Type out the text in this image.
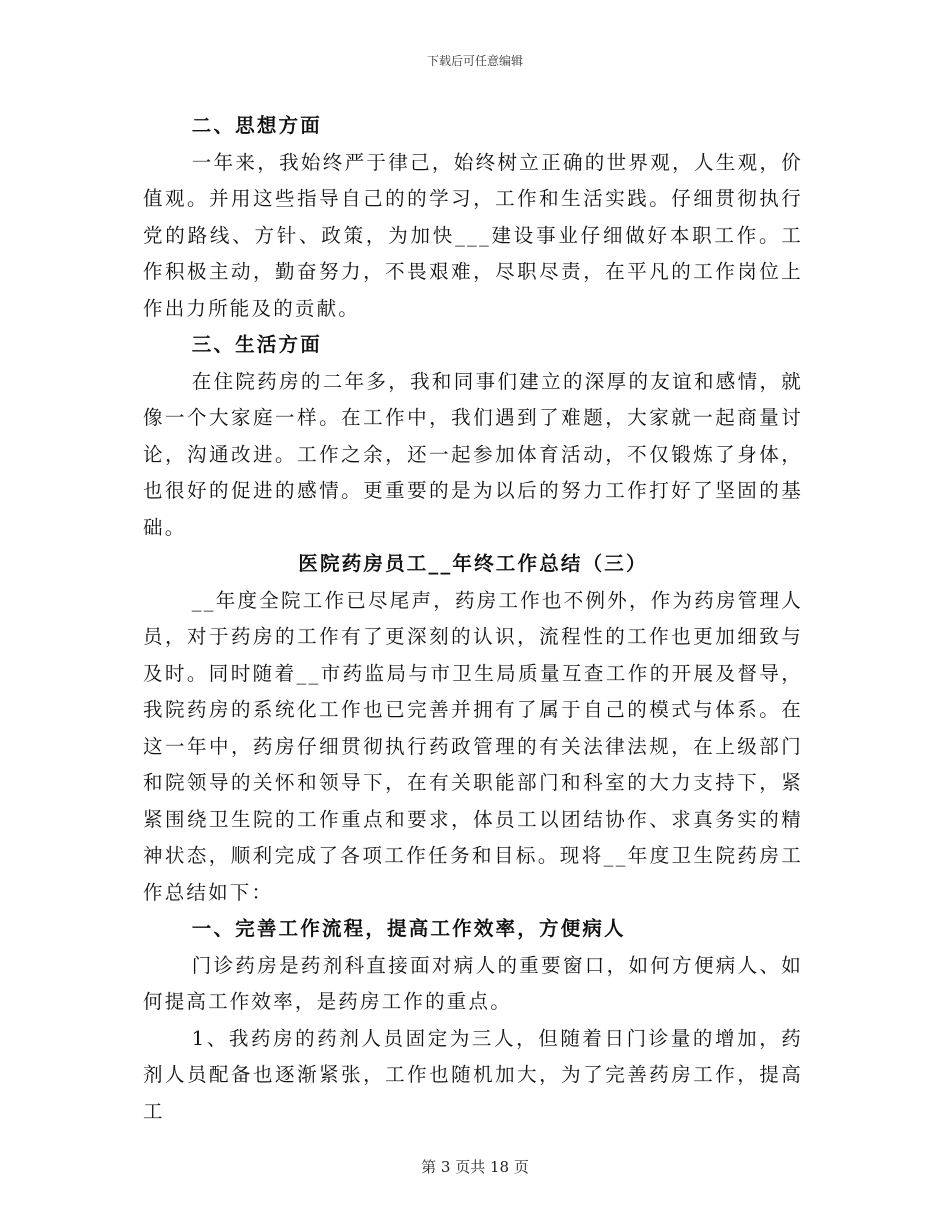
下载后可任意编辑

二、思想方面

一年来，我始终严于律己，始终树立正确的世界观，人生观，价值观。并用这些指导自己的的学习，工作和生活实践。仔细贯彻执行党的路线、方针、政策，为加快___建设事业仔细做好本职工作。工作积极主动，勤奋努力，不畏艰难，尽职尽责，在平凡的工作岗位上作出力所能及的贡献。

三、生活方面

在住院药房的二年多，我和同事们建立的深厚的友谊和感情，就像一个大家庭一样。在工作中，我们遇到了难题，大家就一起商量讨论，沟通改进。工作之余，还一起参加体育活动，不仅锻炼了身体，也很好的促进的感情。更重要的是为以后的努力工作打好了坚固的基础。

医院药房员工__年终工作总结（三）

__年度全院工作已尽尾声，药房工作也不例外，作为药房管理人员，对于药房的工作有了更深刻的认识，流程性的工作也更加细致与及时。同时随着__市药监局与市卫生局质量互查工作的开展及督导，我院药房的系统化工作也已完善并拥有了属于自己的模式与体系。在这一年中，药房仔细贯彻执行药政管理的有关法律法规，在上级部门和院领导的关怀和领导下，在有关职能部门和科室的大力支持下，紧紧围绕卫生院的工作重点和要求，体员工以团结协作、求真务实的精神状态，顺利完成了各项工作任务和目标。现将__年度卫生院药房工作总结如下：

一、完善工作流程，提高工作效率，方便病人

门诊药房是药剂科直接面对病人的重要窗口，如何方便病人、如何提高工作效率，是药房工作的重点。

1、我药房的药剂人员固定为三人，但随着日门诊量的增加，药剂人员配备也逐渐紧张，工作也随机加大，为了完善药房工作，提高工

第 3 页共 18 页
